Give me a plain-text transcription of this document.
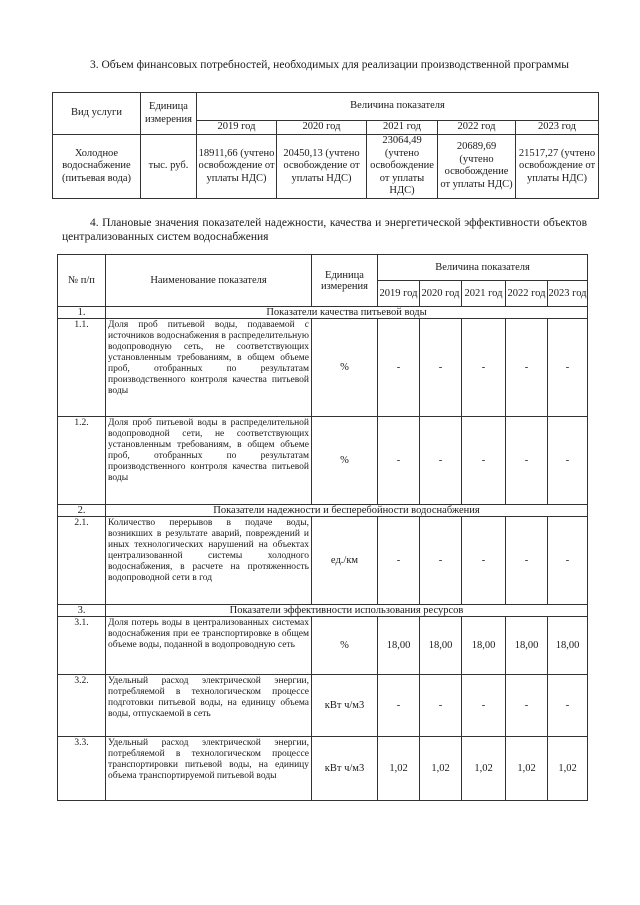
3. Объем финансовых потребностей, необходимых для реализации производственной программы
Вид услуги	Единица измерения	Величина показателя				
		2019 год	2020 год	2021 год	2022 год	2023 год
Холодное водоснабжение (питьевая вода)	тыс. руб.	18911,66 (учтено освобождение от уплаты НДС)	20450,13 (учтено освобождение от уплаты НДС)	23064,49 (учтено освобождение от уплаты НДС)	20689,69 (учтено освобождение от уплаты НДС)	21517,27 (учтено освобождение от уплаты НДС)
4. Плановые значения показателей надежности, качества и энергетической эффективности объектов централизованных систем водоснабжения
№ п/п	Наименование показателя	Единица измерения	Величина показателя				
			2019 год	2020 год	2021 год	2022 год	2023 год
1.	Показатели качества питьевой воды						
1.1.	Доля проб питьевой воды, подаваемой с источников водоснабжения в распределительную водопроводную сеть, не соответствующих установленным требованиям, в общем объеме проб, отобранных по результатам производственного контроля качества питьевой воды	%	-	-	-	-	-
1.2.	Доля проб питьевой воды в распределительной водопроводной сети, не соответствующих установленным требованиям, в общем объеме проб, отобранных по результатам производственного контроля качества питьевой воды	%	-	-	-	-	-
2.	Показатели надежности и бесперебойности водоснабжения						
2.1.	Количество перерывов в подаче воды, возникших в результате аварий, повреждений и иных технологических нарушений на объектах централизованной системы холодного водоснабжения, в расчете на протяженность водопроводной сети в год	ед./км	-	-	-	-	-
3.	Показатели эффективности использования ресурсов						
3.1.	Доля потерь воды в централизованных системах водоснабжения при ее транспортировке в общем объеме воды, поданной в водопроводную сеть	%	18,00	18,00	18,00	18,00	18,00
3.2.	Удельный расход электрической энергии, потребляемой в технологическом процессе подготовки питьевой воды, на единицу объема воды, отпускаемой в сеть	кВт ч/м3	-	-	-	-	-
3.3.	Удельный расход электрической энергии, потребляемой в технологическом процессе транспортировки питьевой воды, на единицу объема транспортируемой питьевой воды	кВт ч/м3	1,02	1,02	1,02	1,02	1,02
